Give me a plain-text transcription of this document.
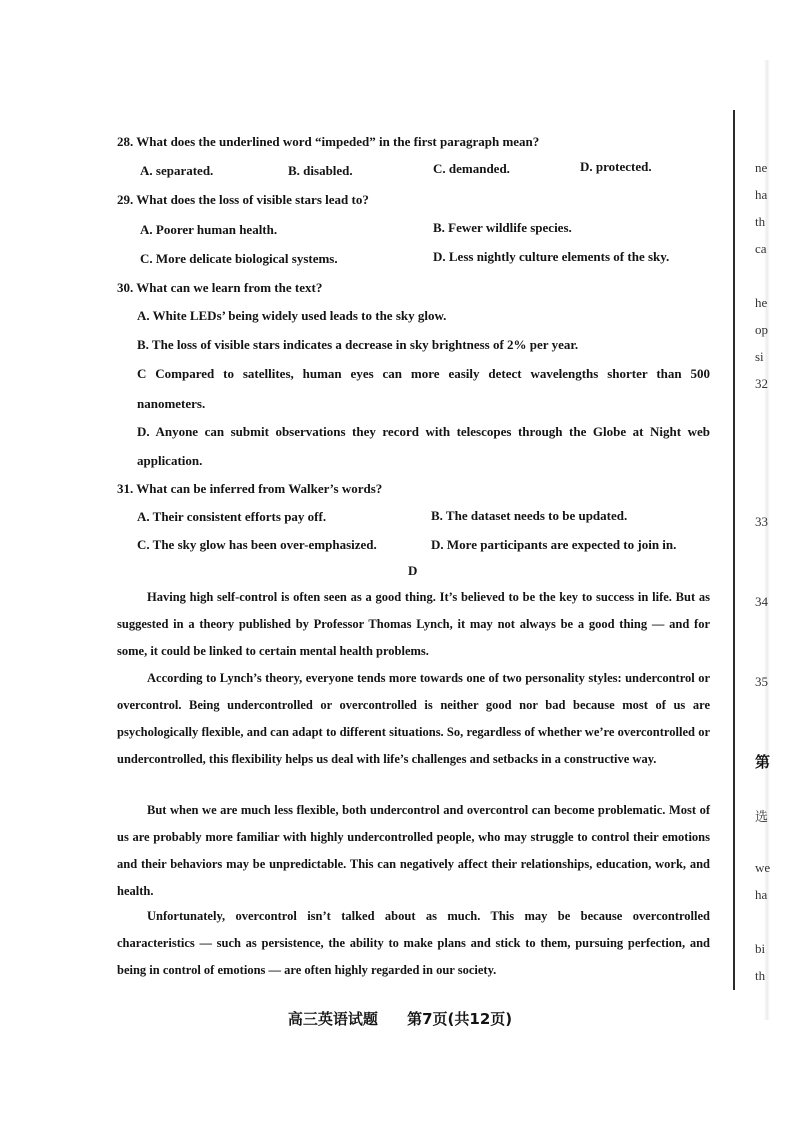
28. What does the underlined word “impeded” in the first paragraph mean?
A. separated.	B. disabled.	C. demanded.	D. protected.
29. What does the loss of visible stars lead to?
A. Poorer human health.	B. Fewer wildlife species.
C. More delicate biological systems.	D. Less nightly culture elements of the sky.
30. What can we learn from the text?
A. White LEDs’ being widely used leads to the sky glow.
B. The loss of visible stars indicates a decrease in sky brightness of 2% per year.
C Compared to satellites, human eyes can more easily detect wavelengths shorter than 500
nanometers.
D. Anyone can submit observations they record with telescopes through the Globe at Night web
application.
31. What can be inferred from Walker’s words?
A. Their consistent efforts pay off.	B. The dataset needs to be updated.
C. The sky glow has been over-emphasized.	D. More participants are expected to join in.
D
Having high self-control is often seen as a good thing. It’s believed to be the key to success in life. But as suggested in a theory published by Professor Thomas Lynch, it may not always be a good thing — and for some, it could be linked to certain mental health problems.
According to Lynch’s theory, everyone tends more towards one of two personality styles: undercontrol or overcontrol. Being undercontrolled or overcontrolled is neither good nor bad because most of us are psychologically flexible, and can adapt to different situations. So, regardless of whether we’re overcontrolled or undercontrolled, this flexibility helps us deal with life’s challenges and setbacks in a constructive way.
But when we are much less flexible, both undercontrol and overcontrol can become problematic. Most of us are probably more familiar with highly undercontrolled people, who may struggle to control their emotions and their behaviors may be unpredictable. This can negatively affect their relationships, education, work, and health.
Unfortunately, overcontrol isn’t talked about as much. This may be because overcontrolled characteristics — such as persistence, the ability to make plans and stick to them, pursuing perfection, and being in control of emotions — are often highly regarded in our society.
高三英语试题 第7页(共12页)
ne
ha
th
ca
he
op
si
32
33
34
35
第
选
we
ha
bi
th
